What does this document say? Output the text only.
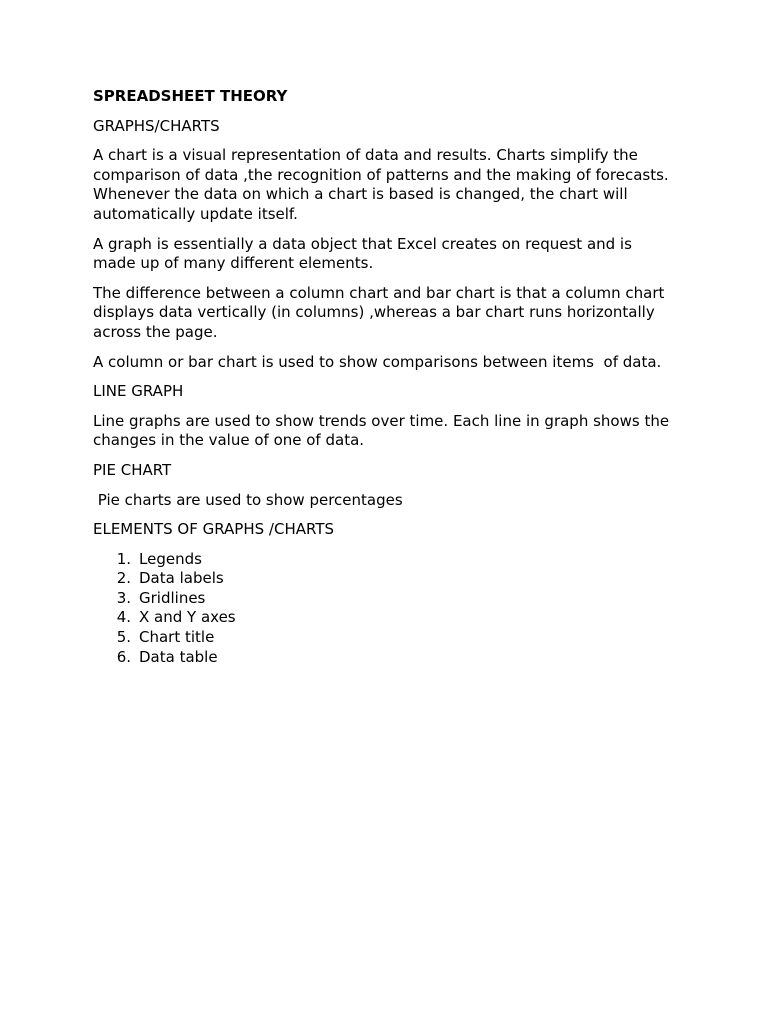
SPREADSHEET THEORY
GRAPHS/CHARTS

A chart is a visual representation of data and results. Charts simplify the comparison of data ,the recognition of patterns and the making of forecasts. Whenever the data on which a chart is based is changed, the chart will automatically update itself.

A graph is essentially a data object that Excel creates on request and is made up of many different elements.

The difference between a column chart and bar chart is that a column chart displays data vertically (in columns) ,whereas a bar chart runs horizontally across the page.

A column or bar chart is used to show comparisons between items  of data.

LINE GRAPH

Line graphs are used to show trends over time. Each line in graph shows the changes in the value of one of data.

PIE CHART

Pie charts are used to show percentages

ELEMENTS OF GRAPHS /CHARTS
1. Legends
2. Data labels
3. Gridlines
4. X and Y axes
5. Chart title
6. Data table
